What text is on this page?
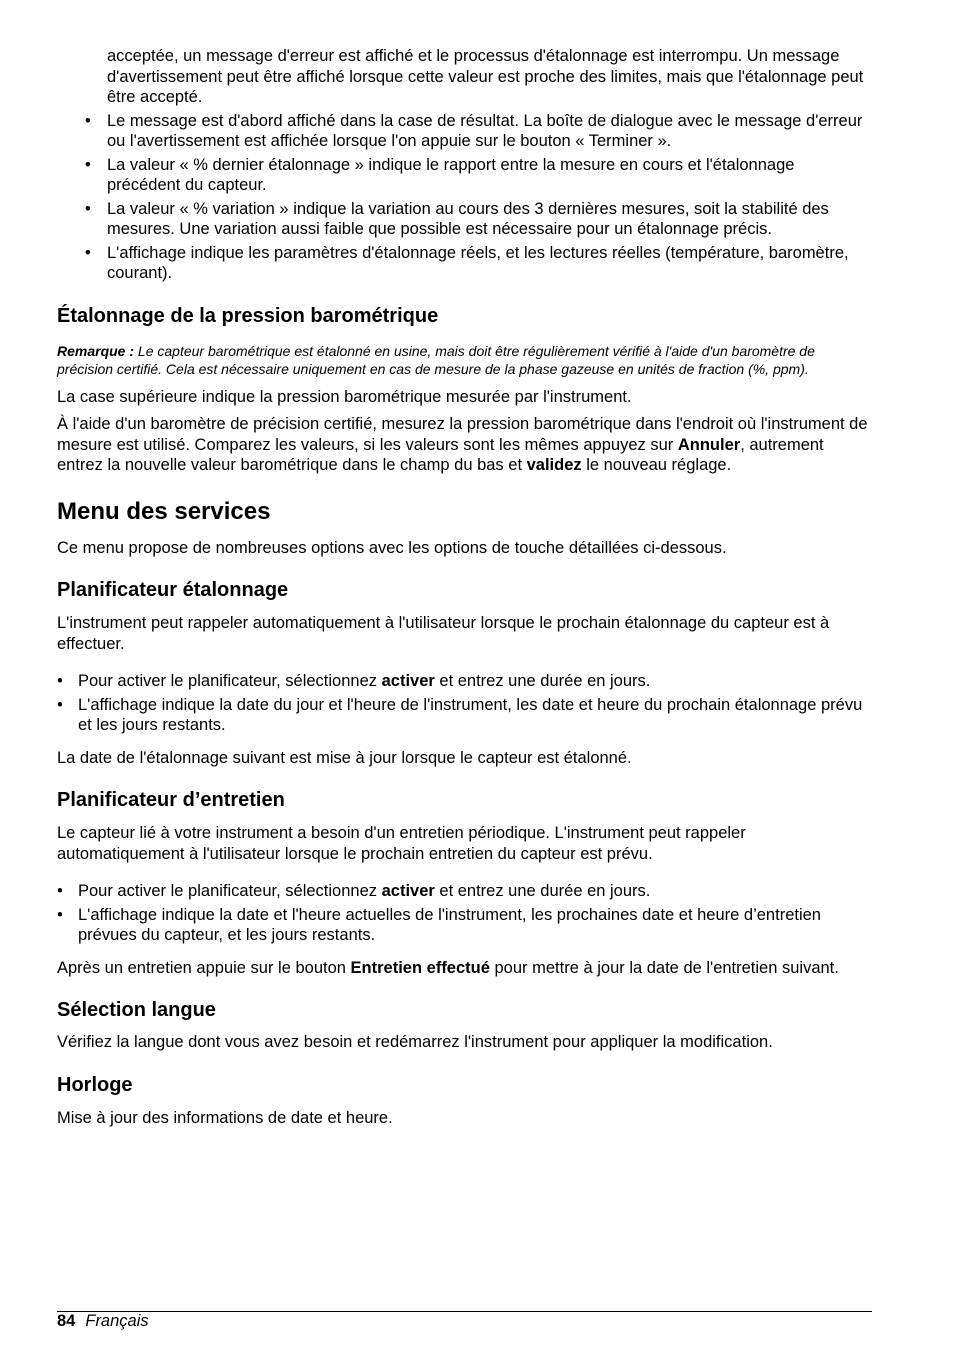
acceptée, un message d'erreur est affiché et le processus d'étalonnage est interrompu. Un message d'avertissement peut être affiché lorsque cette valeur est proche des limites, mais que l'étalonnage peut être accepté.

• Le message est d'abord affiché dans la case de résultat. La boîte de dialogue avec le message d'erreur ou l'avertissement est affichée lorsque l'on appuie sur le bouton « Terminer ».
• La valeur « % dernier étalonnage » indique le rapport entre la mesure en cours et l'étalonnage précédent du capteur.
• La valeur « % variation » indique la variation au cours des 3 dernières mesures, soit la stabilité des mesures. Une variation aussi faible que possible est nécessaire pour un étalonnage précis.
• L'affichage indique les paramètres d'étalonnage réels, et les lectures réelles (température, baromètre, courant).
Étalonnage de la pression barométrique

Remarque : Le capteur barométrique est étalonné en usine, mais doit être régulièrement vérifié à l'aide d'un baromètre de précision certifié. Cela est nécessaire uniquement en cas de mesure de la phase gazeuse en unités de fraction (%, ppm).

La case supérieure indique la pression barométrique mesurée par l'instrument.

À l'aide d'un baromètre de précision certifié, mesurez la pression barométrique dans l'endroit où l'instrument de mesure est utilisé. Comparez les valeurs, si les valeurs sont les mêmes appuyez sur Annuler, autrement entrez la nouvelle valeur barométrique dans le champ du bas et validez le nouveau réglage.

Menu des services

Ce menu propose de nombreuses options avec les options de touche détaillées ci-dessous.

Planificateur étalonnage

L'instrument peut rappeler automatiquement à l'utilisateur lorsque le prochain étalonnage du capteur est à effectuer.

• Pour activer le planificateur, sélectionnez activer et entrez une durée en jours.
• L'affichage indique la date du jour et l'heure de l'instrument, les date et heure du prochain étalonnage prévu et les jours restants.

La date de l'étalonnage suivant est mise à jour lorsque le capteur est étalonné.

Planificateur d’entretien

Le capteur lié à votre instrument a besoin d'un entretien périodique. L'instrument peut rappeler automatiquement à l'utilisateur lorsque le prochain entretien du capteur est prévu.

• Pour activer le planificateur, sélectionnez activer et entrez une durée en jours.
• L'affichage indique la date et l'heure actuelles de l'instrument, les prochaines date et heure d’entretien prévues du capteur, et les jours restants.

Après un entretien appuie sur le bouton Entretien effectué pour mettre à jour la date de l'entretien suivant.

Sélection langue

Vérifiez la langue dont vous avez besoin et redémarrez l'instrument pour appliquer la modification.

Horloge

Mise à jour des informations de date et heure.

84 Français
